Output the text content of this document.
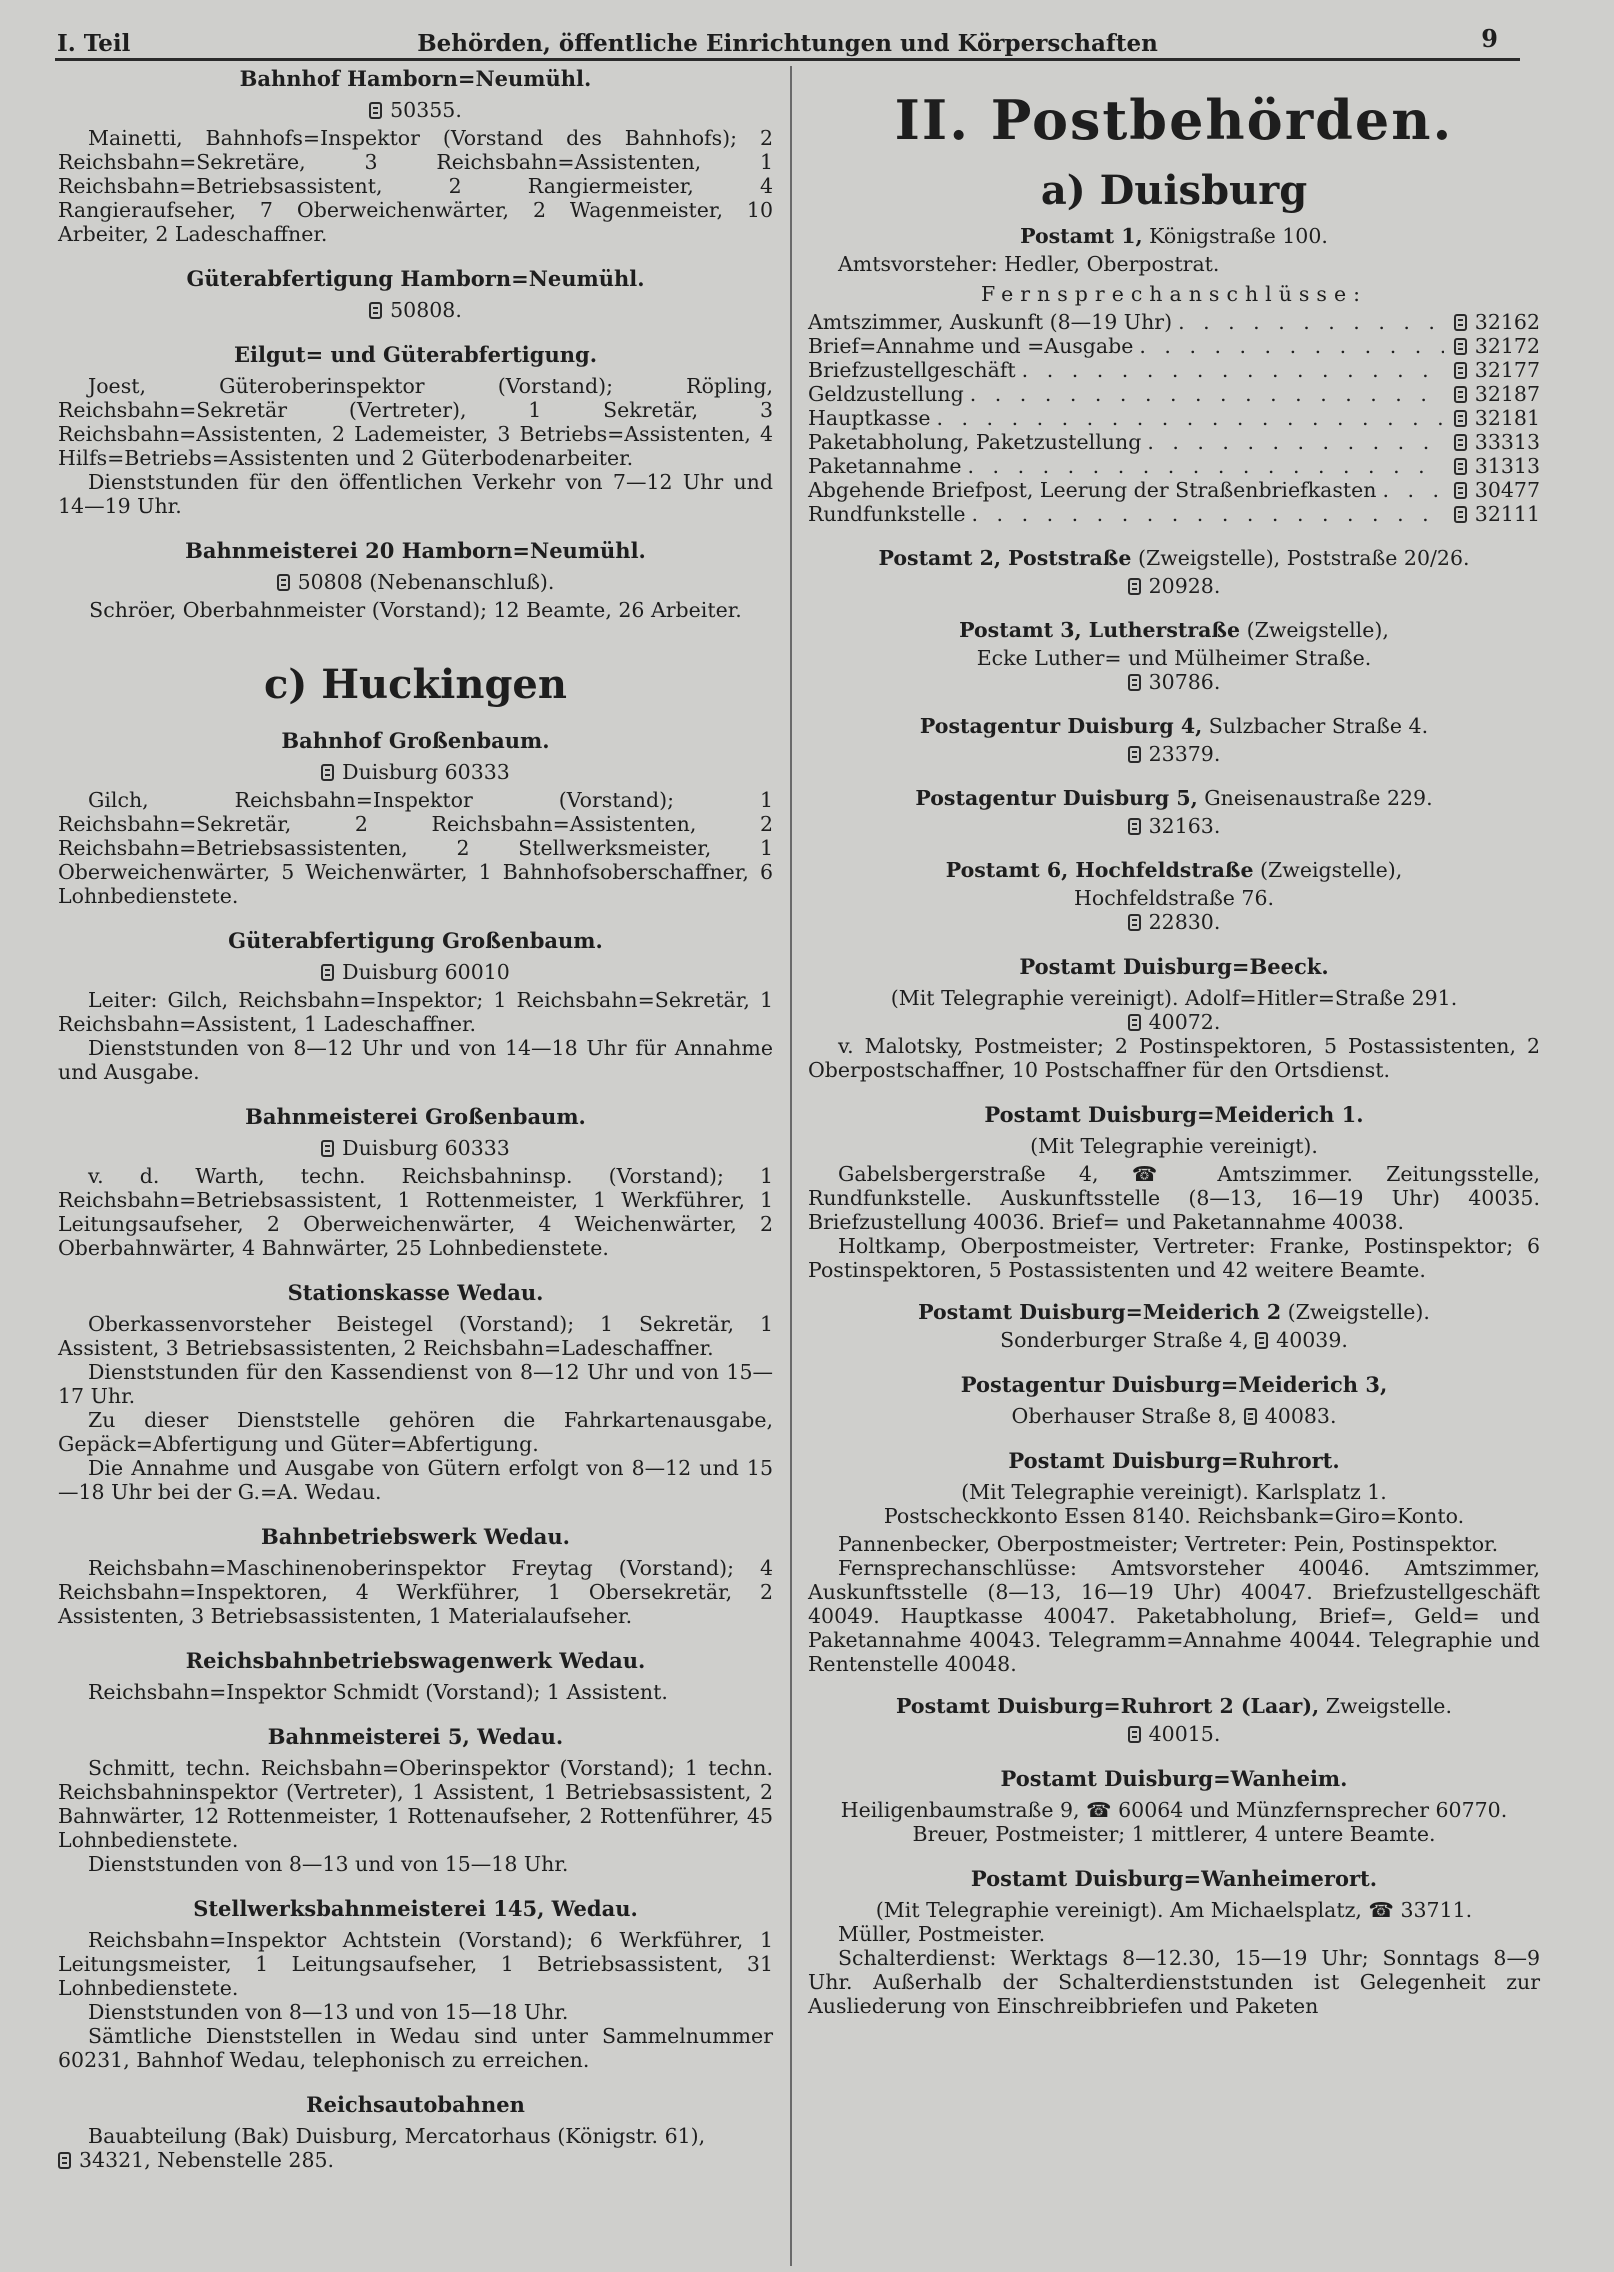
I. Teil	Behörden, öffentliche Einrichtungen und Körperschaften	9
Bahnhof Hamborn=Neumühl.

50355.

Mainetti, Bahnhofs=Inspektor (Vorstand des Bahnhofs); 2 Reichsbahn=Sekretäre, 3 Reichsbahn=Assistenten, 1 Reichsbahn=Betriebsassistent, 2 Rangiermeister, 4 Rangieraufseher, 7 Oberweichenwärter, 2 Wagenmeister, 10 Arbeiter, 2 Ladeschaffner.

Güterabfertigung Hamborn=Neumühl.

50808.

Eilgut= und Güterabfertigung.

Joest, Güteroberinspektor (Vorstand); Röpling, Reichsbahn=Sekretär (Vertreter), 1 Sekretär, 3 Reichsbahn=Assistenten, 2 Lademeister, 3 Betriebs=Assistenten, 4 Hilfs=Betriebs=Assistenten und 2 Güterbodenarbeiter.

Dienststunden für den öffentlichen Verkehr von 7—12 Uhr und 14—19 Uhr.

Bahnmeisterei 20 Hamborn=Neumühl.

50808 (Nebenanschluß).

Schröer, Oberbahnmeister (Vorstand); 12 Beamte, 26 Arbeiter.

c) Huckingen
Bahnhof Großenbaum.

Duisburg 60333

Gilch, Reichsbahn=Inspektor (Vorstand); 1 Reichsbahn=Sekretär, 2 Reichsbahn=Assistenten, 2 Reichsbahn=Betriebsassistenten, 2 Stellwerksmeister, 1 Oberweichenwärter, 5 Weichenwärter, 1 Bahnhofsoberschaffner, 6 Lohnbedienstete.

Güterabfertigung Großenbaum.

Duisburg 60010

Leiter: Gilch, Reichsbahn=Inspektor; 1 Reichsbahn=Sekretär, 1 Reichsbahn=Assistent, 1 Ladeschaffner.

Dienststunden von 8—12 Uhr und von 14—18 Uhr für Annahme und Ausgabe.

Bahnmeisterei Großenbaum.

Duisburg 60333

v. d. Warth, techn. Reichsbahninsp. (Vorstand); 1 Reichsbahn=Betriebsassistent, 1 Rottenmeister, 1 Werkführer, 1 Leitungsaufseher, 2 Oberweichenwärter, 4 Weichenwärter, 2 Oberbahnwärter, 4 Bahnwärter, 25 Lohnbedienstete.

Stationskasse Wedau.

Oberkassenvorsteher Beistegel (Vorstand); 1 Sekretär, 1 Assistent, 3 Betriebsassistenten, 2 Reichsbahn=Ladeschaffner.

Dienststunden für den Kassendienst von 8—12 Uhr und von 15—17 Uhr.

Zu dieser Dienststelle gehören die Fahrkartenausgabe, Gepäck=Abfertigung und Güter=Abfertigung.

Die Annahme und Ausgabe von Gütern erfolgt von 8—12 und 15—18 Uhr bei der G.=A. Wedau.

Bahnbetriebswerk Wedau.

Reichsbahn=Maschinenoberinspektor Freytag (Vorstand); 4 Reichsbahn=Inspektoren, 4 Werkführer, 1 Obersekretär, 2 Assistenten, 3 Betriebsassistenten, 1 Materialaufseher.

Reichsbahnbetriebswagenwerk Wedau.

Reichsbahn=Inspektor Schmidt (Vorstand); 1 Assistent.

Bahnmeisterei 5, Wedau.

Schmitt, techn. Reichsbahn=Oberinspektor (Vorstand); 1 techn. Reichsbahninspektor (Vertreter), 1 Assistent, 1 Betriebsassistent, 2 Bahnwärter, 12 Rottenmeister, 1 Rottenaufseher, 2 Rottenführer, 45 Lohnbedienstete.

Dienststunden von 8—13 und von 15—18 Uhr.

Stellwerksbahnmeisterei 145, Wedau.

Reichsbahn=Inspektor Achtstein (Vorstand); 6 Werkführer, 1 Leitungsmeister, 1 Leitungsaufseher, 1 Betriebsassistent, 31 Lohnbedienstete.

Dienststunden von 8—13 und von 15—18 Uhr.

Sämtliche Dienststellen in Wedau sind unter Sammelnummer 60231, Bahnhof Wedau, telephonisch zu erreichen.

Reichsautobahnen

Bauabteilung (Bak) Duisburg, Mercatorhaus (Königstr. 61),

34321, Nebenstelle 285.

II. Postbehörden.
a) Duisburg

Postamt 1, Königstraße 100.

Amtsvorsteher: Hedler, Oberpostrat.

Fernsprechanschlüsse:

Amtszimmer, Auskunft (8—19 Uhr) . . .	32162
Brief=Annahme und =Ausgabe . . .	32172
Briefzustellgeschäft . . .	32177
Geldzustellung . . .	32187
Hauptkasse . . .	32181
Paketabholung, Paketzustellung . . .	33313
Paketannahme . . .	31313
Abgehende Briefpost, Leerung der Straßenbriefkasten . . .	30477
Rundfunkstelle . . .	32111

Postamt 2, Poststraße (Zweigstelle), Poststraße 20/26.

20928.

Postamt 3, Lutherstraße (Zweigstelle),

Ecke Luther= und Mülheimer Straße.

30786.

Postagentur Duisburg 4, Sulzbacher Straße 4.

23379.

Postagentur Duisburg 5, Gneisenaustraße 229.

32163.

Postamt 6, Hochfeldstraße (Zweigstelle),

Hochfeldstraße 76.

22830.

Postamt Duisburg=Beeck.

(Mit Telegraphie vereinigt). Adolf=Hitler=Straße 291.

40072.

v. Malotsky, Postmeister; 2 Postinspektoren, 5 Postassistenten, 2 Oberpostschaffner, 10 Postschaffner für den Ortsdienst.

Postamt Duisburg=Meiderich 1.

(Mit Telegraphie vereinigt).

Gabelsbergerstraße 4, ☎ Amtszimmer. Zeitungsstelle, Rundfunkstelle. Auskunftsstelle (8—13, 16—19 Uhr) 40035. Briefzustellung 40036. Brief= und Paketannahme 40038.

Holtkamp, Oberpostmeister, Vertreter: Franke, Postinspektor; 6 Postinspektoren, 5 Postassistenten und 42 weitere Beamte.

Postamt Duisburg=Meiderich 2 (Zweigstelle).

Sonderburger Straße 4, 40039.

Postagentur Duisburg=Meiderich 3,

Oberhauser Straße 8, 40083.

Postamt Duisburg=Ruhrort.

(Mit Telegraphie vereinigt). Karlsplatz 1.

Postscheckkonto Essen 8140. Reichsbank=Giro=Konto.

Pannenbecker, Oberpostmeister; Vertreter: Pein, Postinspektor.

Fernsprechanschlüsse: Amtsvorsteher 40046. Amtszimmer, Auskunftsstelle (8—13, 16—19 Uhr) 40047. Briefzustellgeschäft 40049. Hauptkasse 40047. Paketabholung, Brief=, Geld= und Paketannahme 40043. Telegramm=Annahme 40044. Telegraphie und Rentenstelle 40048.

Postamt Duisburg=Ruhrort 2 (Laar), Zweigstelle.

40015.

Postamt Duisburg=Wanheim.

Heiligenbaumstraße 9, ☎ 60064 und Münzfernsprecher 60770.

Breuer, Postmeister; 1 mittlerer, 4 untere Beamte.

Postamt Duisburg=Wanheimerort.

(Mit Telegraphie vereinigt). Am Michaelsplatz, ☎ 33711.

Müller, Postmeister.

Schalterdienst: Werktags 8—12.30, 15—19 Uhr; Sonntags 8—9 Uhr. Außerhalb der Schalterdienststunden ist Gelegenheit zur Ausliederung von Einschreibbriefen und Paketen
